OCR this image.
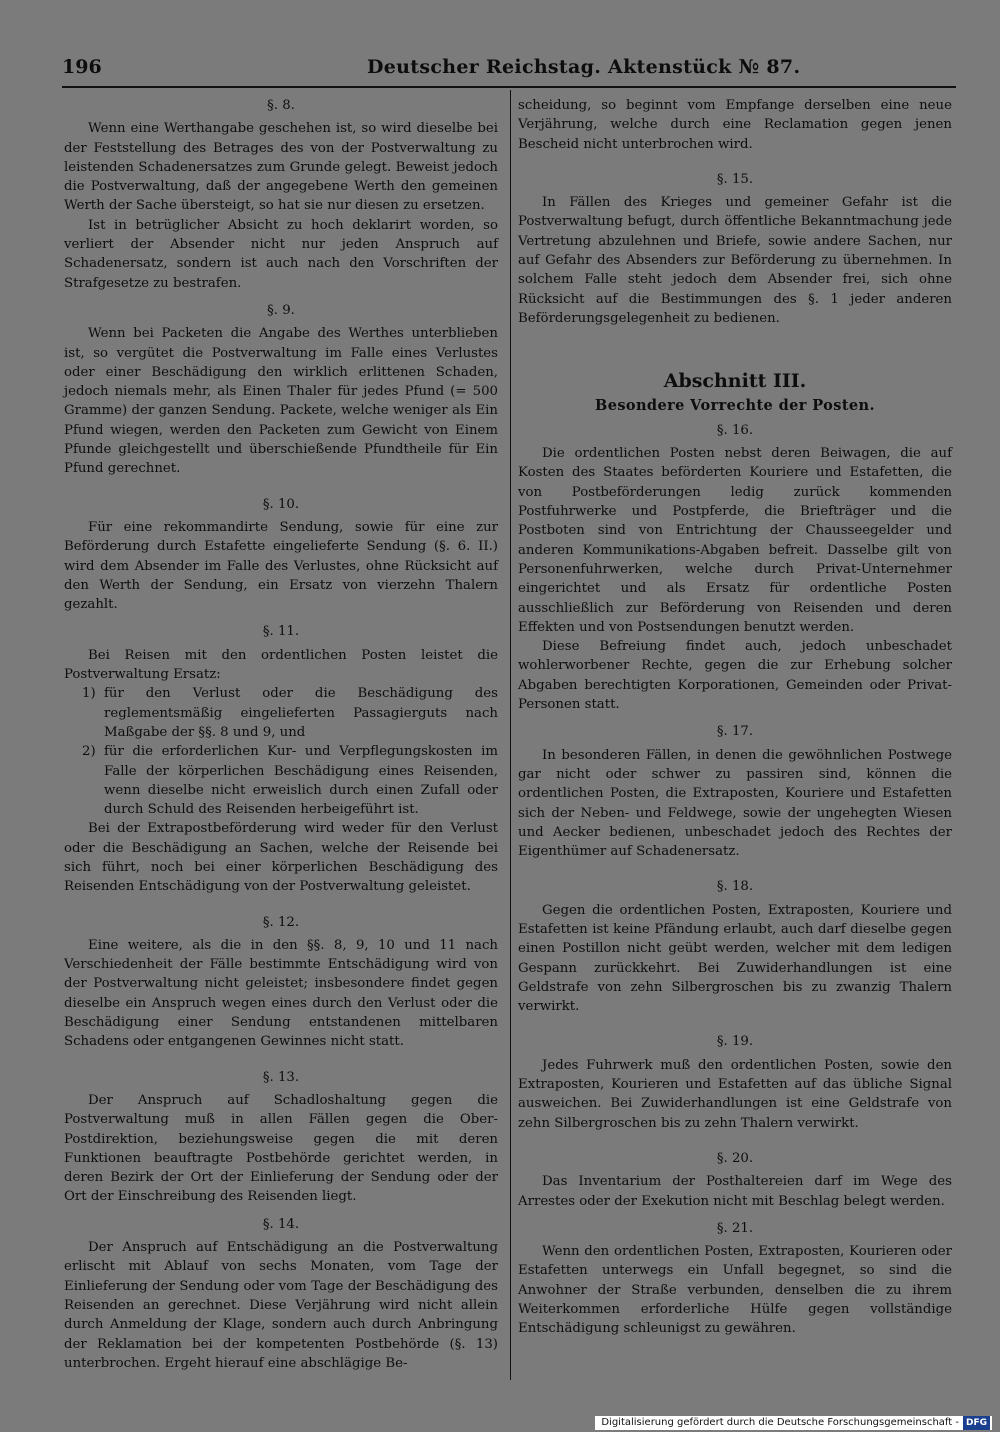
196	Deutscher Reichstag. Aktenstück № 87.

§. 8.

Wenn eine Werthangabe geschehen ist, so wird dieselbe bei der Feststellung des Betrages des von der Postverwaltung zu leistenden Schadenersatzes zum Grunde gelegt. Beweist jedoch die Postverwaltung, daß der angegebene Werth den gemeinen Werth der Sache übersteigt, so hat sie nur diesen zu ersetzen.

Ist in betrüglicher Absicht zu hoch deklarirt worden, so verliert der Absender nicht nur jeden Anspruch auf Schadenersatz, sondern ist auch nach den Vorschriften der Strafgesetze zu bestrafen.

§. 9.

Wenn bei Packeten die Angabe des Werthes unterblieben ist, so vergütet die Postverwaltung im Falle eines Verlustes oder einer Beschädigung den wirklich erlittenen Schaden, jedoch niemals mehr, als Einen Thaler für jedes Pfund (= 500 Gramme) der ganzen Sendung. Packete, welche weniger als Ein Pfund wiegen, werden den Packeten zum Gewicht von Einem Pfunde gleichgestellt und überschießende Pfundtheile für Ein Pfund gerechnet.

§. 10.

Für eine rekommandirte Sendung, sowie für eine zur Beförderung durch Estafette eingelieferte Sendung (§. 6. II.) wird dem Absender im Falle des Verlustes, ohne Rücksicht auf den Werth der Sendung, ein Ersatz von vierzehn Thalern gezahlt.

§. 11.

Bei Reisen mit den ordentlichen Posten leistet die Postverwaltung Ersatz:

1) für den Verlust oder die Beschädigung des reglementsmäßig eingelieferten Passagierguts nach Maßgabe der §§. 8 und 9, und
2) für die erforderlichen Kur- und Verpflegungskosten im Falle der körperlichen Beschädigung eines Reisenden, wenn dieselbe nicht erweislich durch einen Zufall oder durch Schuld des Reisenden herbeigeführt ist.

Bei der Extrapostbeförderung wird weder für den Verlust oder die Beschädigung an Sachen, welche der Reisende bei sich führt, noch bei einer körperlichen Beschädigung des Reisenden Entschädigung von der Postverwaltung geleistet.

§. 12.

Eine weitere, als die in den §§. 8, 9, 10 und 11 nach Verschiedenheit der Fälle bestimmte Entschädigung wird von der Postverwaltung nicht geleistet; insbesondere findet gegen dieselbe ein Anspruch wegen eines durch den Verlust oder die Beschädigung einer Sendung entstandenen mittelbaren Schadens oder entgangenen Gewinnes nicht statt.

§. 13.

Der Anspruch auf Schadloshaltung gegen die Postverwaltung muß in allen Fällen gegen die Ober-Postdirektion, beziehungsweise gegen die mit deren Funktionen beauftragte Postbehörde gerichtet werden, in deren Bezirk der Ort der Einlieferung der Sendung oder der Ort der Einschreibung des Reisenden liegt.

§. 14.

Der Anspruch auf Entschädigung an die Postverwaltung erlischt mit Ablauf von sechs Monaten, vom Tage der Einlieferung der Sendung oder vom Tage der Beschädigung des Reisenden an gerechnet. Diese Verjährung wird nicht allein durch Anmeldung der Klage, sondern auch durch Anbringung der Reklamation bei der kompetenten Postbehörde (§. 13) unterbrochen. Ergeht hierauf eine abschlägige Be-

scheidung, so beginnt vom Empfange derselben eine neue Verjährung, welche durch eine Reclamation gegen jenen Bescheid nicht unterbrochen wird.

§. 15.

In Fällen des Krieges und gemeiner Gefahr ist die Postverwaltung befugt, durch öffentliche Bekanntmachung jede Vertretung abzulehnen und Briefe, sowie andere Sachen, nur auf Gefahr des Absenders zur Beförderung zu übernehmen. In solchem Falle steht jedoch dem Absender frei, sich ohne Rücksicht auf die Bestimmungen des §. 1 jeder anderen Beförderungsgelegenheit zu bedienen.

Abschnitt III.

Besondere Vorrechte der Posten.

§. 16.

Die ordentlichen Posten nebst deren Beiwagen, die auf Kosten des Staates beförderten Kouriere und Estafetten, die von Postbeförderungen ledig zurück kommenden Postfuhrwerke und Postpferde, die Briefträger und die Postboten sind von Entrichtung der Chausseegelder und anderen Kommunikations-Abgaben befreit. Dasselbe gilt von Personenfuhrwerken, welche durch Privat-Unternehmer eingerichtet und als Ersatz für ordentliche Posten ausschließlich zur Beförderung von Reisenden und deren Effekten und von Postsendungen benutzt werden.

Diese Befreiung findet auch, jedoch unbeschadet wohlerworbener Rechte, gegen die zur Erhebung solcher Abgaben berechtigten Korporationen, Gemeinden oder Privat-Personen statt.

§. 17.

In besonderen Fällen, in denen die gewöhnlichen Postwege gar nicht oder schwer zu passiren sind, können die ordentlichen Posten, die Extraposten, Kouriere und Estafetten sich der Neben- und Feldwege, sowie der ungehegten Wiesen und Aecker bedienen, unbeschadet jedoch des Rechtes der Eigenthümer auf Schadenersatz.

§. 18.

Gegen die ordentlichen Posten, Extraposten, Kouriere und Estafetten ist keine Pfändung erlaubt, auch darf dieselbe gegen einen Postillon nicht geübt werden, welcher mit dem ledigen Gespann zurückkehrt. Bei Zuwiderhandlungen ist eine Geldstrafe von zehn Silbergroschen bis zu zwanzig Thalern verwirkt.

§. 19.

Jedes Fuhrwerk muß den ordentlichen Posten, sowie den Extraposten, Kourieren und Estafetten auf das übliche Signal ausweichen. Bei Zuwiderhandlungen ist eine Geldstrafe von zehn Silbergroschen bis zu zehn Thalern verwirkt.

§. 20.

Das Inventarium der Posthaltereien darf im Wege des Arrestes oder der Exekution nicht mit Beschlag belegt werden.

§. 21.

Wenn den ordentlichen Posten, Extraposten, Kourieren oder Estafetten unterwegs ein Unfall begegnet, so sind die Anwohner der Straße verbunden, denselben die zu ihrem Weiterkommen erforderliche Hülfe gegen vollständige Entschädigung schleunigst zu gewähren.

Digitalisierung gefördert durch die Deutsche Forschungsgemeinschaft - DFG
